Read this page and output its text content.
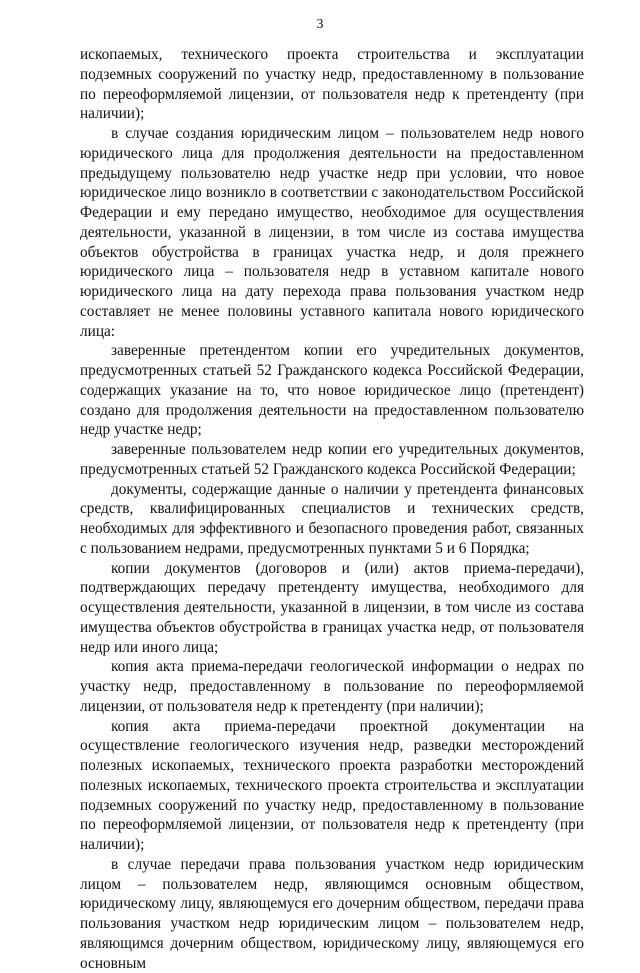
3

ископаемых, технического проекта строительства и эксплуатации подземных сооружений по участку недр, предоставленному в пользование по переоформляемой лицензии, от пользователя недр к претенденту (при наличии);

в случае создания юридическим лицом – пользователем недр нового юридического лица для продолжения деятельности на предоставленном предыдущему пользователю недр участке недр при условии, что новое юридическое лицо возникло в соответствии с законодательством Российской Федерации и ему передано имущество, необходимое для осуществления деятельности, указанной в лицензии, в том числе из состава имущества объектов обустройства в границах участка недр, и доля прежнего юридического лица – пользователя недр в уставном капитале нового юридического лица на дату перехода права пользования участком недр составляет не менее половины уставного капитала нового юридического лица:

заверенные претендентом копии его учредительных документов, предусмотренных статьей 52 Гражданского кодекса Российской Федерации, содержащих указание на то, что новое юридическое лицо (претендент) создано для продолжения деятельности на предоставленном пользователю недр участке недр;

заверенные пользователем недр копии его учредительных документов, предусмотренных статьей 52 Гражданского кодекса Российской Федерации;

документы, содержащие данные о наличии у претендента финансовых средств, квалифицированных специалистов и технических средств, необходимых для эффективного и безопасного проведения работ, связанных с пользованием недрами, предусмотренных пунктами 5 и 6 Порядка;

копии документов (договоров и (или) актов приема-передачи), подтверждающих передачу претенденту имущества, необходимого для осуществления деятельности, указанной в лицензии, в том числе из состава имущества объектов обустройства в границах участка недр, от пользователя недр или иного лица;

копия акта приема-передачи геологической информации о недрах по участку недр, предоставленному в пользование по переоформляемой лицензии, от пользователя недр к претенденту (при наличии);

копия акта приема-передачи проектной документации на осуществление геологического изучения недр, разведки месторождений полезных ископаемых, технического проекта разработки месторождений полезных ископаемых, технического проекта строительства и эксплуатации подземных сооружений по участку недр, предоставленному в пользование по переоформляемой лицензии, от пользователя недр к претенденту (при наличии);

в случае передачи права пользования участком недр юридическим лицом – пользователем недр, являющимся основным обществом, юридическому лицу, являющемуся его дочерним обществом, передачи права пользования участком недр юридическим лицом – пользователем недр, являющимся дочерним обществом, юридическому лицу, являющемуся его основным
